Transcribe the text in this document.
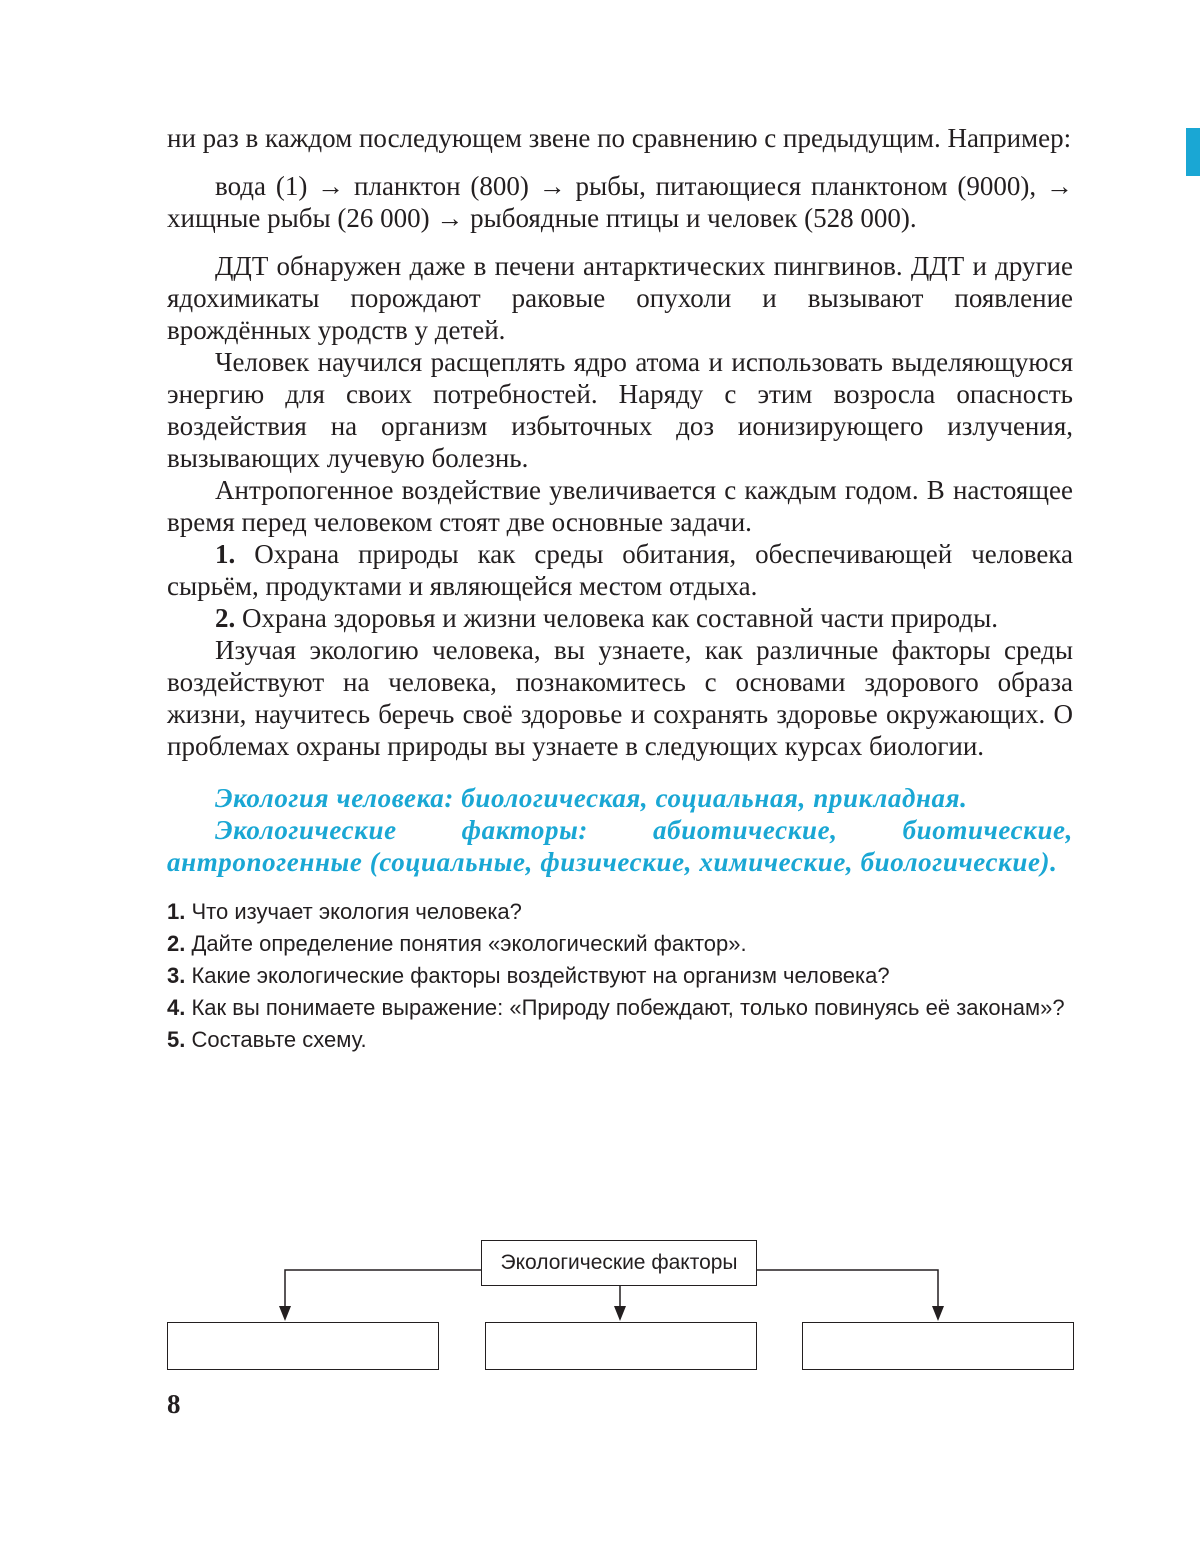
ни раз в каждом последующем звене по сравнению с предыдущим. Например:

вода (1) → планктон (800) → рыбы, питающиеся планктоном (9000), → хищные рыбы (26 000) → рыбоядные птицы и человек (528 000).

ДДТ обнаружен даже в печени антарктических пингвинов. ДДТ и другие ядохимикаты порождают раковые опухоли и вызывают появление врождённых уродств у детей.

Человек научился расщеплять ядро атома и использовать выделяющуюся энергию для своих потребностей. Наряду с этим возросла опасность воздействия на организм избыточных доз ионизирующего излучения, вызывающих лучевую болезнь.

Антропогенное воздействие увеличивается с каждым годом. В настоящее время перед человеком стоят две основные задачи.

1. Охрана природы как среды обитания, обеспечивающей человека сырьём, продуктами и являющейся местом отдыха.

2. Охрана здоровья и жизни человека как составной части природы.

Изучая экологию человека, вы узнаете, как различные факторы среды воздействуют на человека, познакомитесь с основами здорового образа жизни, научитесь беречь своё здоровье и сохранять здоровье окружающих. О проблемах охраны природы вы узнаете в следующих курсах биологии.

Экология человека: биологическая, социальная, прикладная.

Экологические факторы: абиотические, биотические, антропогенные (социальные, физические, химические, биологические).

1. Что изучает экология человека?

2. Дайте определение понятия «экологический фактор».

3. Какие экологические факторы воздействуют на организм человека?

4. Как вы понимаете выражение: «Природу побеждают, только повинуясь её законам»?

5. Составьте схему.

Экологические факторы
8
